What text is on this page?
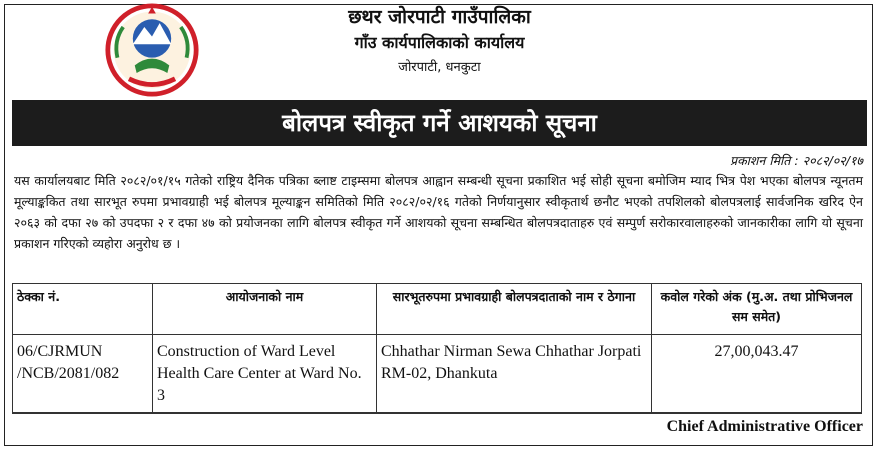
छथर जोरपाटी गाउँपालिका
गाँउ कार्यपालिकाको कार्यालय
जोरपाटी, धनकुटा
बोलपत्र स्वीकृत गर्ने आशयको सूचना
प्रकाशन मिति : २०८२/०२/१७
यस कार्यालयबाट मिति २०८२/०१/१५ गतेको राष्ट्रिय दैनिक पत्रिका ब्लाष्ट टाइम्समा बोलपत्र आह्वान सम्बन्धी सूचना प्रकाशित भई सोही सूचना बमोजिम म्याद भित्र पेश भएका बोलपत्र न्यूनतम मूल्याङ्ककित तथा सारभूत रुपमा प्रभावग्राही भई बोलपत्र मूल्याङ्कन समितिको मिति २०८२/०२/१६ गतेको निर्णयानुसार स्वीकृतार्थ छनौट भएको तपशिलको बोलपत्रलाई सार्वजनिक खरिद ऐन २०६३ को दफा २७ को उपदफा २ र दफा ४७ को प्रयोजनका लागि बोलपत्र स्वीकृत गर्ने आशयको सूचना सम्बन्धित बोलपत्रदाताहरु एवं सम्पुर्ण सरोकारवालाहरुको जानकारीका लागि यो सूचना प्रकाशन गरिएको व्यहोरा अनुरोध छ ।
ठेक्का नं.	आयोजनाको नाम	सारभूतरुपमा प्रभावग्राही बोलपत्रदाताको नाम र ठेगाना	कवोल गरेको अंक (मु.अ. तथा प्रोभिजनल सम समेत)
06/CJRMUN /NCB/2081/082	Construction of Ward Level Health Care Center at Ward No. 3	Chhathar Nirman Sewa Chhathar Jorpati RM-02, Dhankuta	27,00,043.47
Chief Administrative Officer
